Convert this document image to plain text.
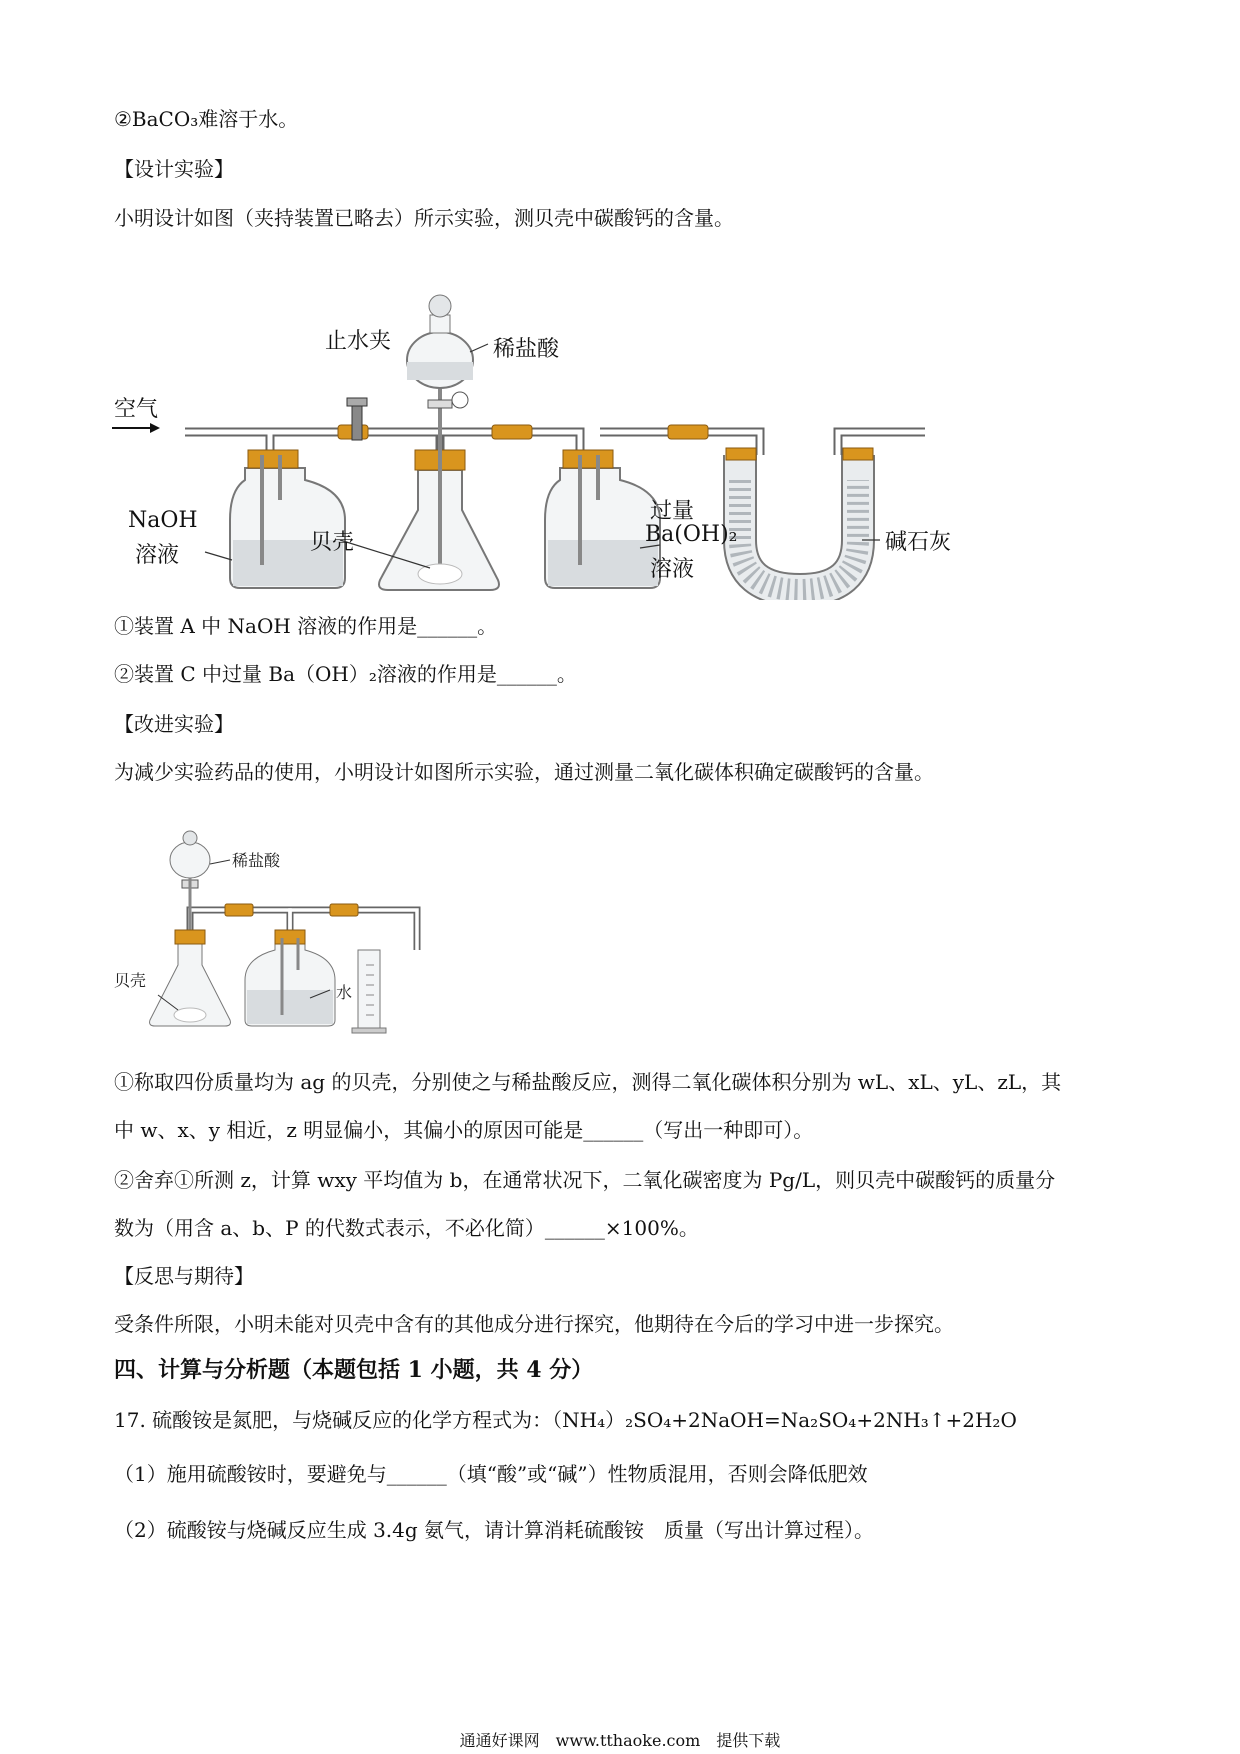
②BaCO₃难溶于水。
【设计实验】
小明设计如图（夹持装置已略去）所示实验，测贝壳中碳酸钙的含量。
空气
止水夹	稀盐酸
NaOH
溶液
贝壳
过量
Ba(OH)₂
溶液
碱石灰
①装置 A 中 NaOH 溶液的作用是______。
②装置 C 中过量 Ba（OH）₂溶液的作用是______。
【改进实验】
为减少实验药品的使用，小明设计如图所示实验，通过测量二氧化碳体积确定碳酸钙的含量。
稀盐酸
贝壳
水
①称取四份质量均为 ag 的贝壳，分别使之与稀盐酸反应，测得二氧化碳体积分别为 wL、xL、yL、zL，其
中 w、x、y 相近，z 明显偏小，其偏小的原因可能是______（写出一种即可）。
②舍弃①所测 z，计算 wxy 平均值为 b，在通常状况下，二氧化碳密度为 Pg/L，则贝壳中碳酸钙的质量分
数为（用含 a、b、P 的代数式表示，不必化简）______×100%。
【反思与期待】
受条件所限，小明未能对贝壳中含有的其他成分进行探究，他期待在今后的学习中进一步探究。
四、计算与分析题（本题包括 1 小题，共 4 分）
17. 硫酸铵是氮肥，与烧碱反应的化学方程式为：（NH₄）₂SO₄+2NaOH=Na₂SO₄+2NH₃↑+2H₂O
（1）施用硫酸铵时，要避免与______（填“酸”或“碱”）性物质混用，否则会降低肥效
（2）硫酸铵与烧碱反应生成 3.4g 氨气，请计算消耗硫酸铵　质量（写出计算过程）。
通通好课网　www.tthaoke.com　提供下载
